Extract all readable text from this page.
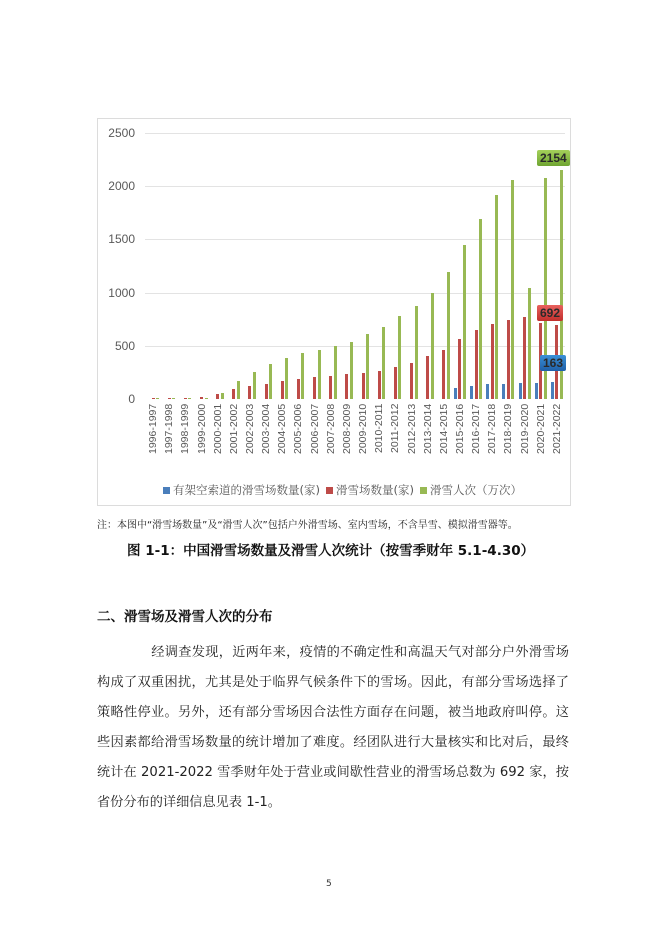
0
500
1000
1500
2000
2500
1996-1997 1997-1998 1998-1999 1999-2000 2000-2001 2001-2002 2002-2003 2003-2004 2004-2005 2005-2006 2006-2007 2007-2008 2008-2009 2009-2010 2010-2011 2011-2012 2012-2013 2013-2014 2014-2015 2015-2016 2016-2017 2017-2018 2018-2019 2019-2020 2020-2021 2021-2022
2154
692
163
有架空索道的滑雪场数量(家) 滑雪场数量(家) 滑雪人次（万次）
注：本图中“滑雪场数量”及“滑雪人次”包括户外滑雪场、室内雪场，不含旱雪、模拟滑雪器等。
图 1-1：中国滑雪场数量及滑雪人次统计（按雪季财年 5.1-4.30）
二、滑雪场及滑雪人次的分布
经调查发现，近两年来，疫情的不确定性和高温天气对部分户外滑雪场构成了双重困扰，尤其是处于临界气候条件下的雪场。因此，有部分雪场选择了策略性停业。另外，还有部分雪场因合法性方面存在问题，被当地政府叫停。这些因素都给滑雪场数量的统计增加了难度。经团队进行大量核实和比对后，最终统计在 2021-2022 雪季财年处于营业或间歇性营业的滑雪场总数为 692 家，按省份分布的详细信息见表 1-1。
5
